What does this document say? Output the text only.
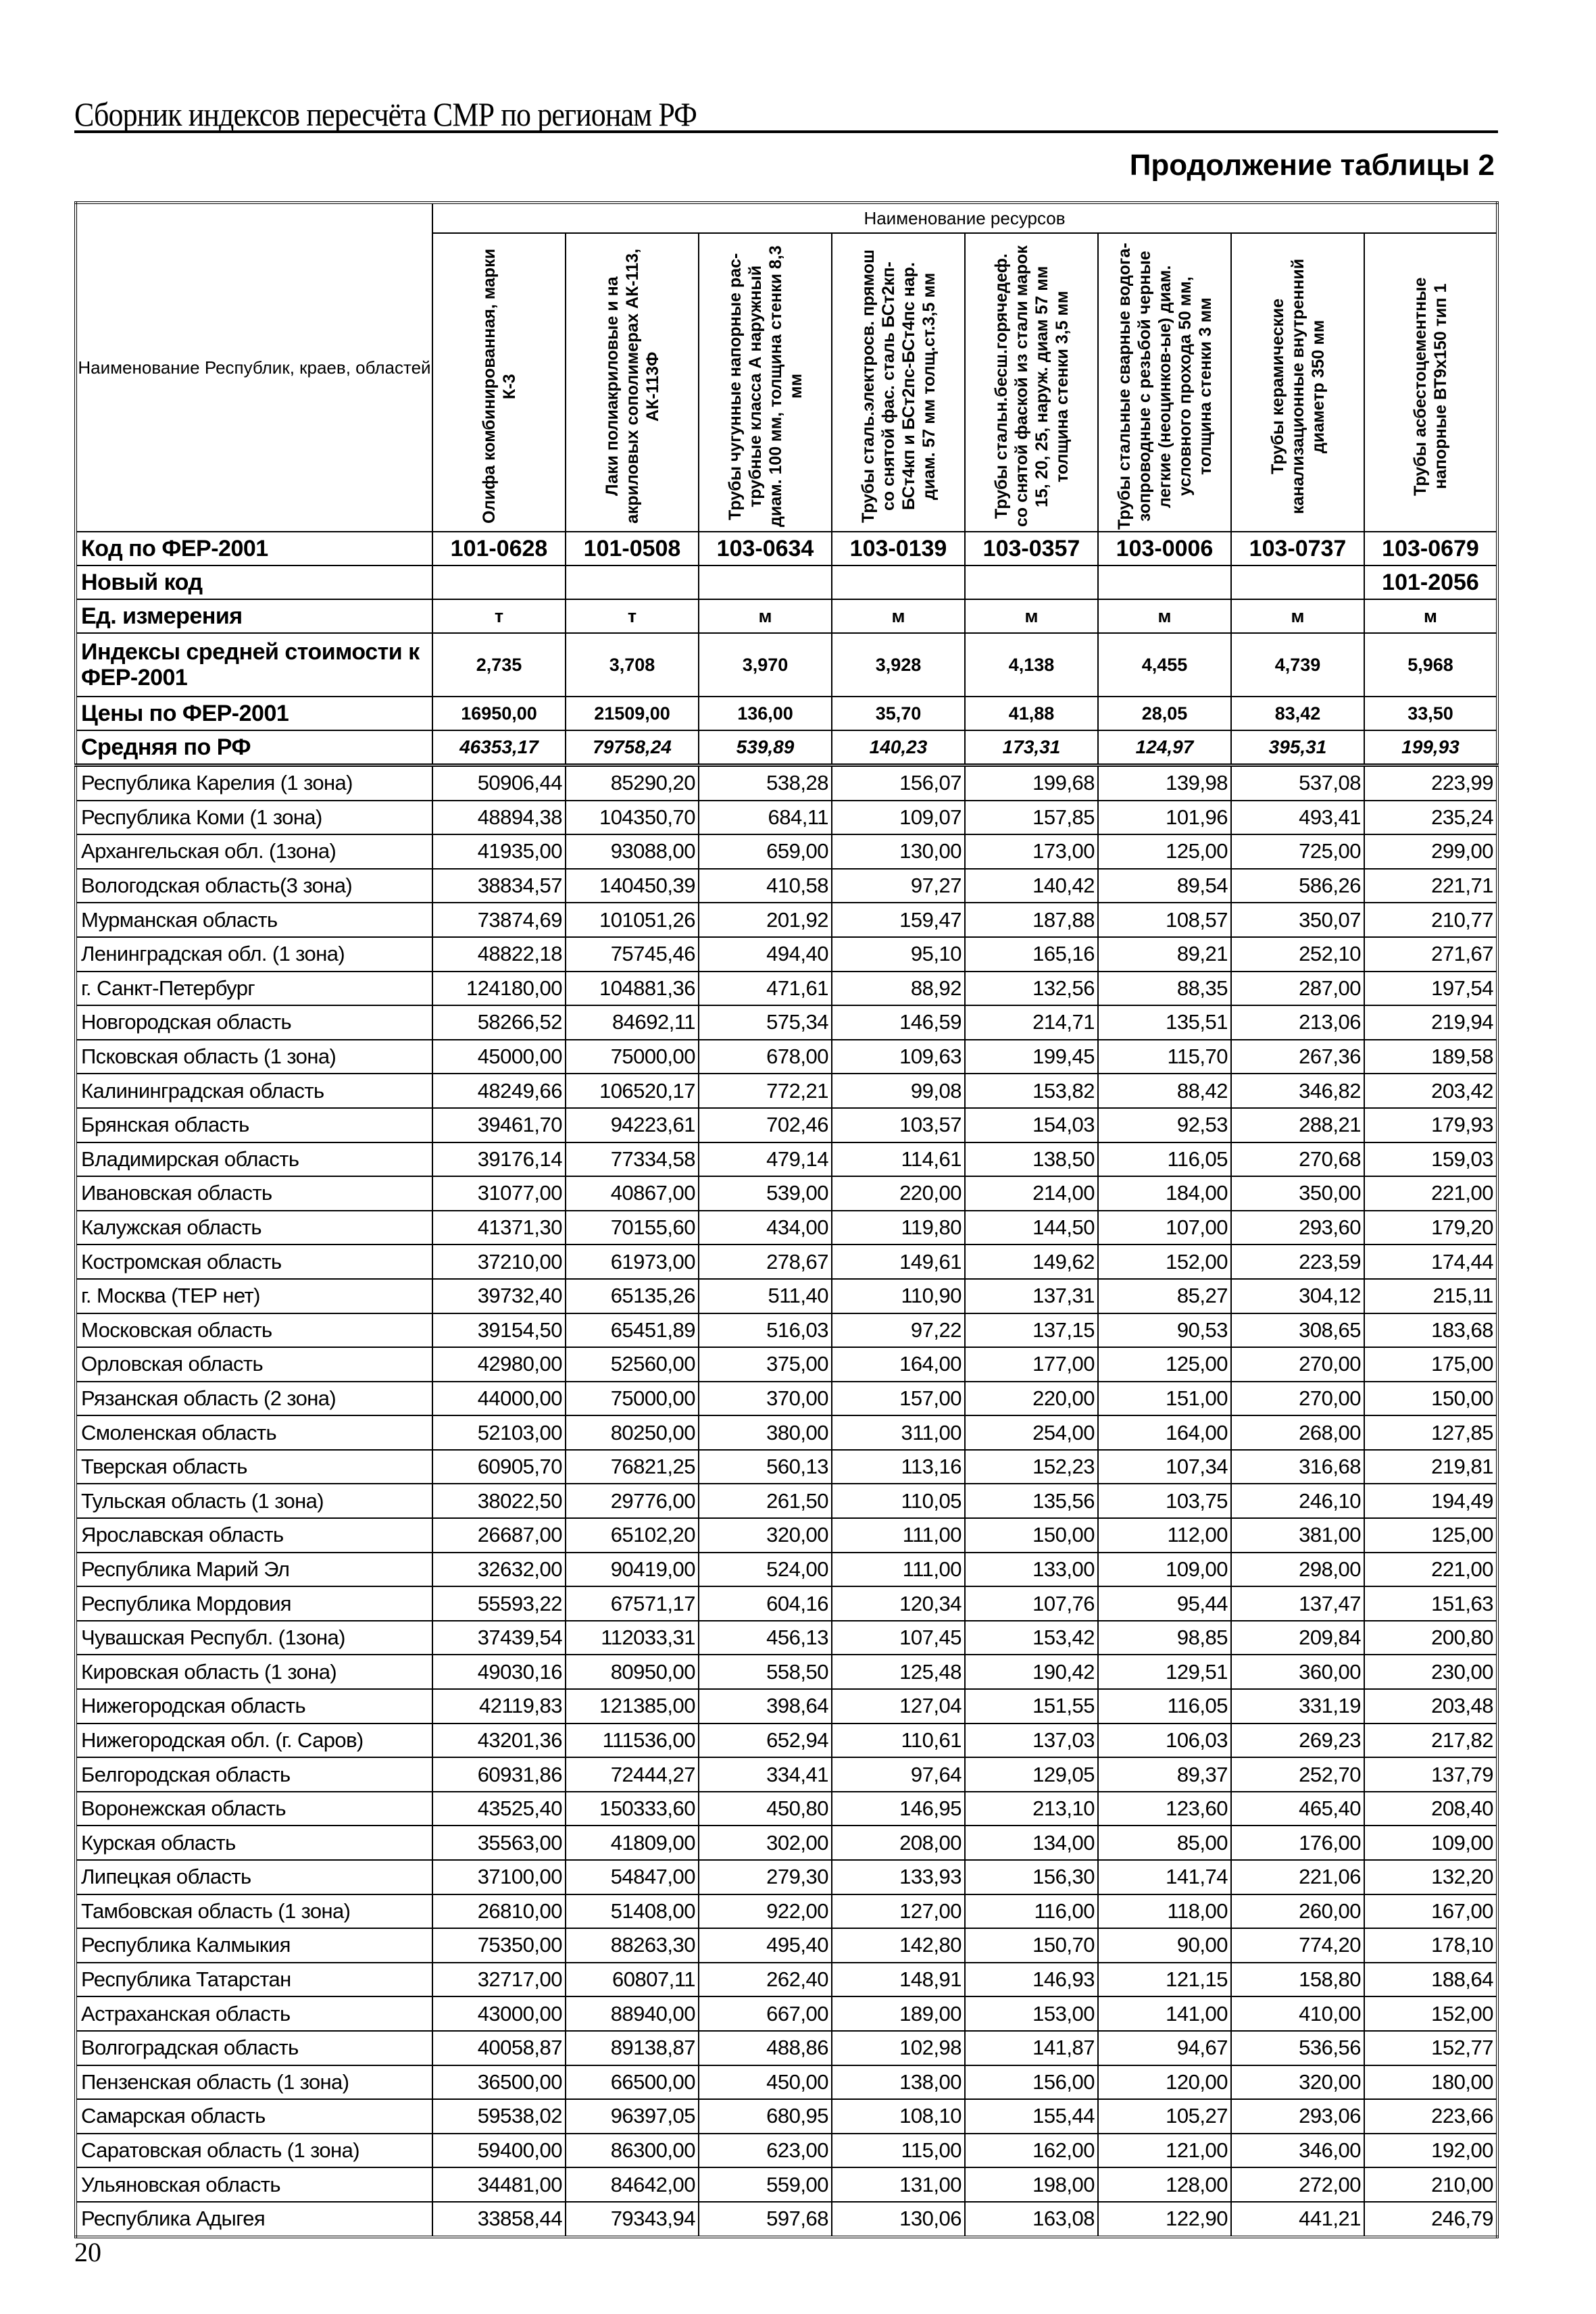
Сборник индексов пересчёта СМР по регионам РФ
Продолжение таблицы 2
Наименование Республик, краев, областей	Наименование ресурсов							

Олифа комбинированная, марки К-3	Лаки полиакриловые и на акриловых сополимерах АК-113, АК-113Ф	Трубы чугунные напорные рас-трубные класса А наружный диам. 100 мм, толщина стенки 8,3 мм	Трубы сталь.электросв. прямош со снятой фас. сталь БСт2кп-БСт4кп и БСт2пс-БСт4пс нар. диам. 57 мм толщ.ст.3,5 мм	Трубы стальн.бесш.горячедеф. со снятой фаской из стали марок 15, 20, 25, наруж. диам 57 мм толщина стенки 3,5 мм	Трубы стальные сварные водога-зопроводные с резьбой черные легкие (неоцинков-ые) диам. условного прохода 50 мм, толщина стенки 3 мм	Трубы керамические канализационные внутренний диаметр 350 мм	Трубы асбестоцементные напорные ВТ9х150 тип 1

Код по ФЕР-2001	101-0628	101-0508	103-0634	103-0139	103-0357	103-0006	103-0737	103-0679
Новый код								101-2056
Ед. измерения	т	т	м	м	м	м	м	м
Индексы средней стоимости к ФЕР-2001	2,735	3,708	3,970	3,928	4,138	4,455	4,739	5,968
Цены по ФЕР-2001	16950,00	21509,00	136,00	35,70	41,88	28,05	83,42	33,50
Средняя по РФ	46353,17	79758,24	539,89	140,23	173,31	124,97	395,31	199,93
Республика Карелия (1 зона)	50906,44	85290,20	538,28	156,07	199,68	139,98	537,08	223,99
Республика Коми (1 зона)	48894,38	104350,70	684,11	109,07	157,85	101,96	493,41	235,24
Архангельская обл. (1зона)	41935,00	93088,00	659,00	130,00	173,00	125,00	725,00	299,00
Вологодская область(3 зона)	38834,57	140450,39	410,58	97,27	140,42	89,54	586,26	221,71
Мурманская область	73874,69	101051,26	201,92	159,47	187,88	108,57	350,07	210,77
Ленинградская обл. (1 зона)	48822,18	75745,46	494,40	95,10	165,16	89,21	252,10	271,67
г. Санкт-Петербург	124180,00	104881,36	471,61	88,92	132,56	88,35	287,00	197,54
Новгородская область	58266,52	84692,11	575,34	146,59	214,71	135,51	213,06	219,94
Псковская область (1 зона)	45000,00	75000,00	678,00	109,63	199,45	115,70	267,36	189,58
Калининградская область	48249,66	106520,17	772,21	99,08	153,82	88,42	346,82	203,42
Брянская область	39461,70	94223,61	702,46	103,57	154,03	92,53	288,21	179,93
Владимирская область	39176,14	77334,58	479,14	114,61	138,50	116,05	270,68	159,03
Ивановская область	31077,00	40867,00	539,00	220,00	214,00	184,00	350,00	221,00
Калужская область	41371,30	70155,60	434,00	119,80	144,50	107,00	293,60	179,20
Костромская область	37210,00	61973,00	278,67	149,61	149,62	152,00	223,59	174,44
г. Москва (ТЕР нет)	39732,40	65135,26	511,40	110,90	137,31	85,27	304,12	215,11
Московская область	39154,50	65451,89	516,03	97,22	137,15	90,53	308,65	183,68
Орловская область	42980,00	52560,00	375,00	164,00	177,00	125,00	270,00	175,00
Рязанская область (2 зона)	44000,00	75000,00	370,00	157,00	220,00	151,00	270,00	150,00
Смоленская область	52103,00	80250,00	380,00	311,00	254,00	164,00	268,00	127,85
Тверская область	60905,70	76821,25	560,13	113,16	152,23	107,34	316,68	219,81
Тульская область (1 зона)	38022,50	29776,00	261,50	110,05	135,56	103,75	246,10	194,49
Ярославская область	26687,00	65102,20	320,00	111,00	150,00	112,00	381,00	125,00
Республика Марий Эл	32632,00	90419,00	524,00	111,00	133,00	109,00	298,00	221,00
Республика Мордовия	55593,22	67571,17	604,16	120,34	107,76	95,44	137,47	151,63
Чувашская Республ. (1зона)	37439,54	112033,31	456,13	107,45	153,42	98,85	209,84	200,80
Кировская область (1 зона)	49030,16	80950,00	558,50	125,48	190,42	129,51	360,00	230,00
Нижегородская область	42119,83	121385,00	398,64	127,04	151,55	116,05	331,19	203,48
Нижегородская обл. (г. Саров)	43201,36	111536,00	652,94	110,61	137,03	106,03	269,23	217,82
Белгородская область	60931,86	72444,27	334,41	97,64	129,05	89,37	252,70	137,79
Воронежская область	43525,40	150333,60	450,80	146,95	213,10	123,60	465,40	208,40
Курская область	35563,00	41809,00	302,00	208,00	134,00	85,00	176,00	109,00
Липецкая область	37100,00	54847,00	279,30	133,93	156,30	141,74	221,06	132,20
Тамбовская область (1 зона)	26810,00	51408,00	922,00	127,00	116,00	118,00	260,00	167,00
Республика Калмыкия	75350,00	88263,30	495,40	142,80	150,70	90,00	774,20	178,10
Республика Татарстан	32717,00	60807,11	262,40	148,91	146,93	121,15	158,80	188,64
Астраханская область	43000,00	88940,00	667,00	189,00	153,00	141,00	410,00	152,00
Волгоградская область	40058,87	89138,87	488,86	102,98	141,87	94,67	536,56	152,77
Пензенская область (1 зона)	36500,00	66500,00	450,00	138,00	156,00	120,00	320,00	180,00
Самарская область	59538,02	96397,05	680,95	108,10	155,44	105,27	293,06	223,66
Саратовская область (1 зона)	59400,00	86300,00	623,00	115,00	162,00	121,00	346,00	192,00
Ульяновская область	34481,00	84642,00	559,00	131,00	198,00	128,00	272,00	210,00
Республика Адыгея	33858,44	79343,94	597,68	130,06	163,08	122,90	441,21	246,79
20
